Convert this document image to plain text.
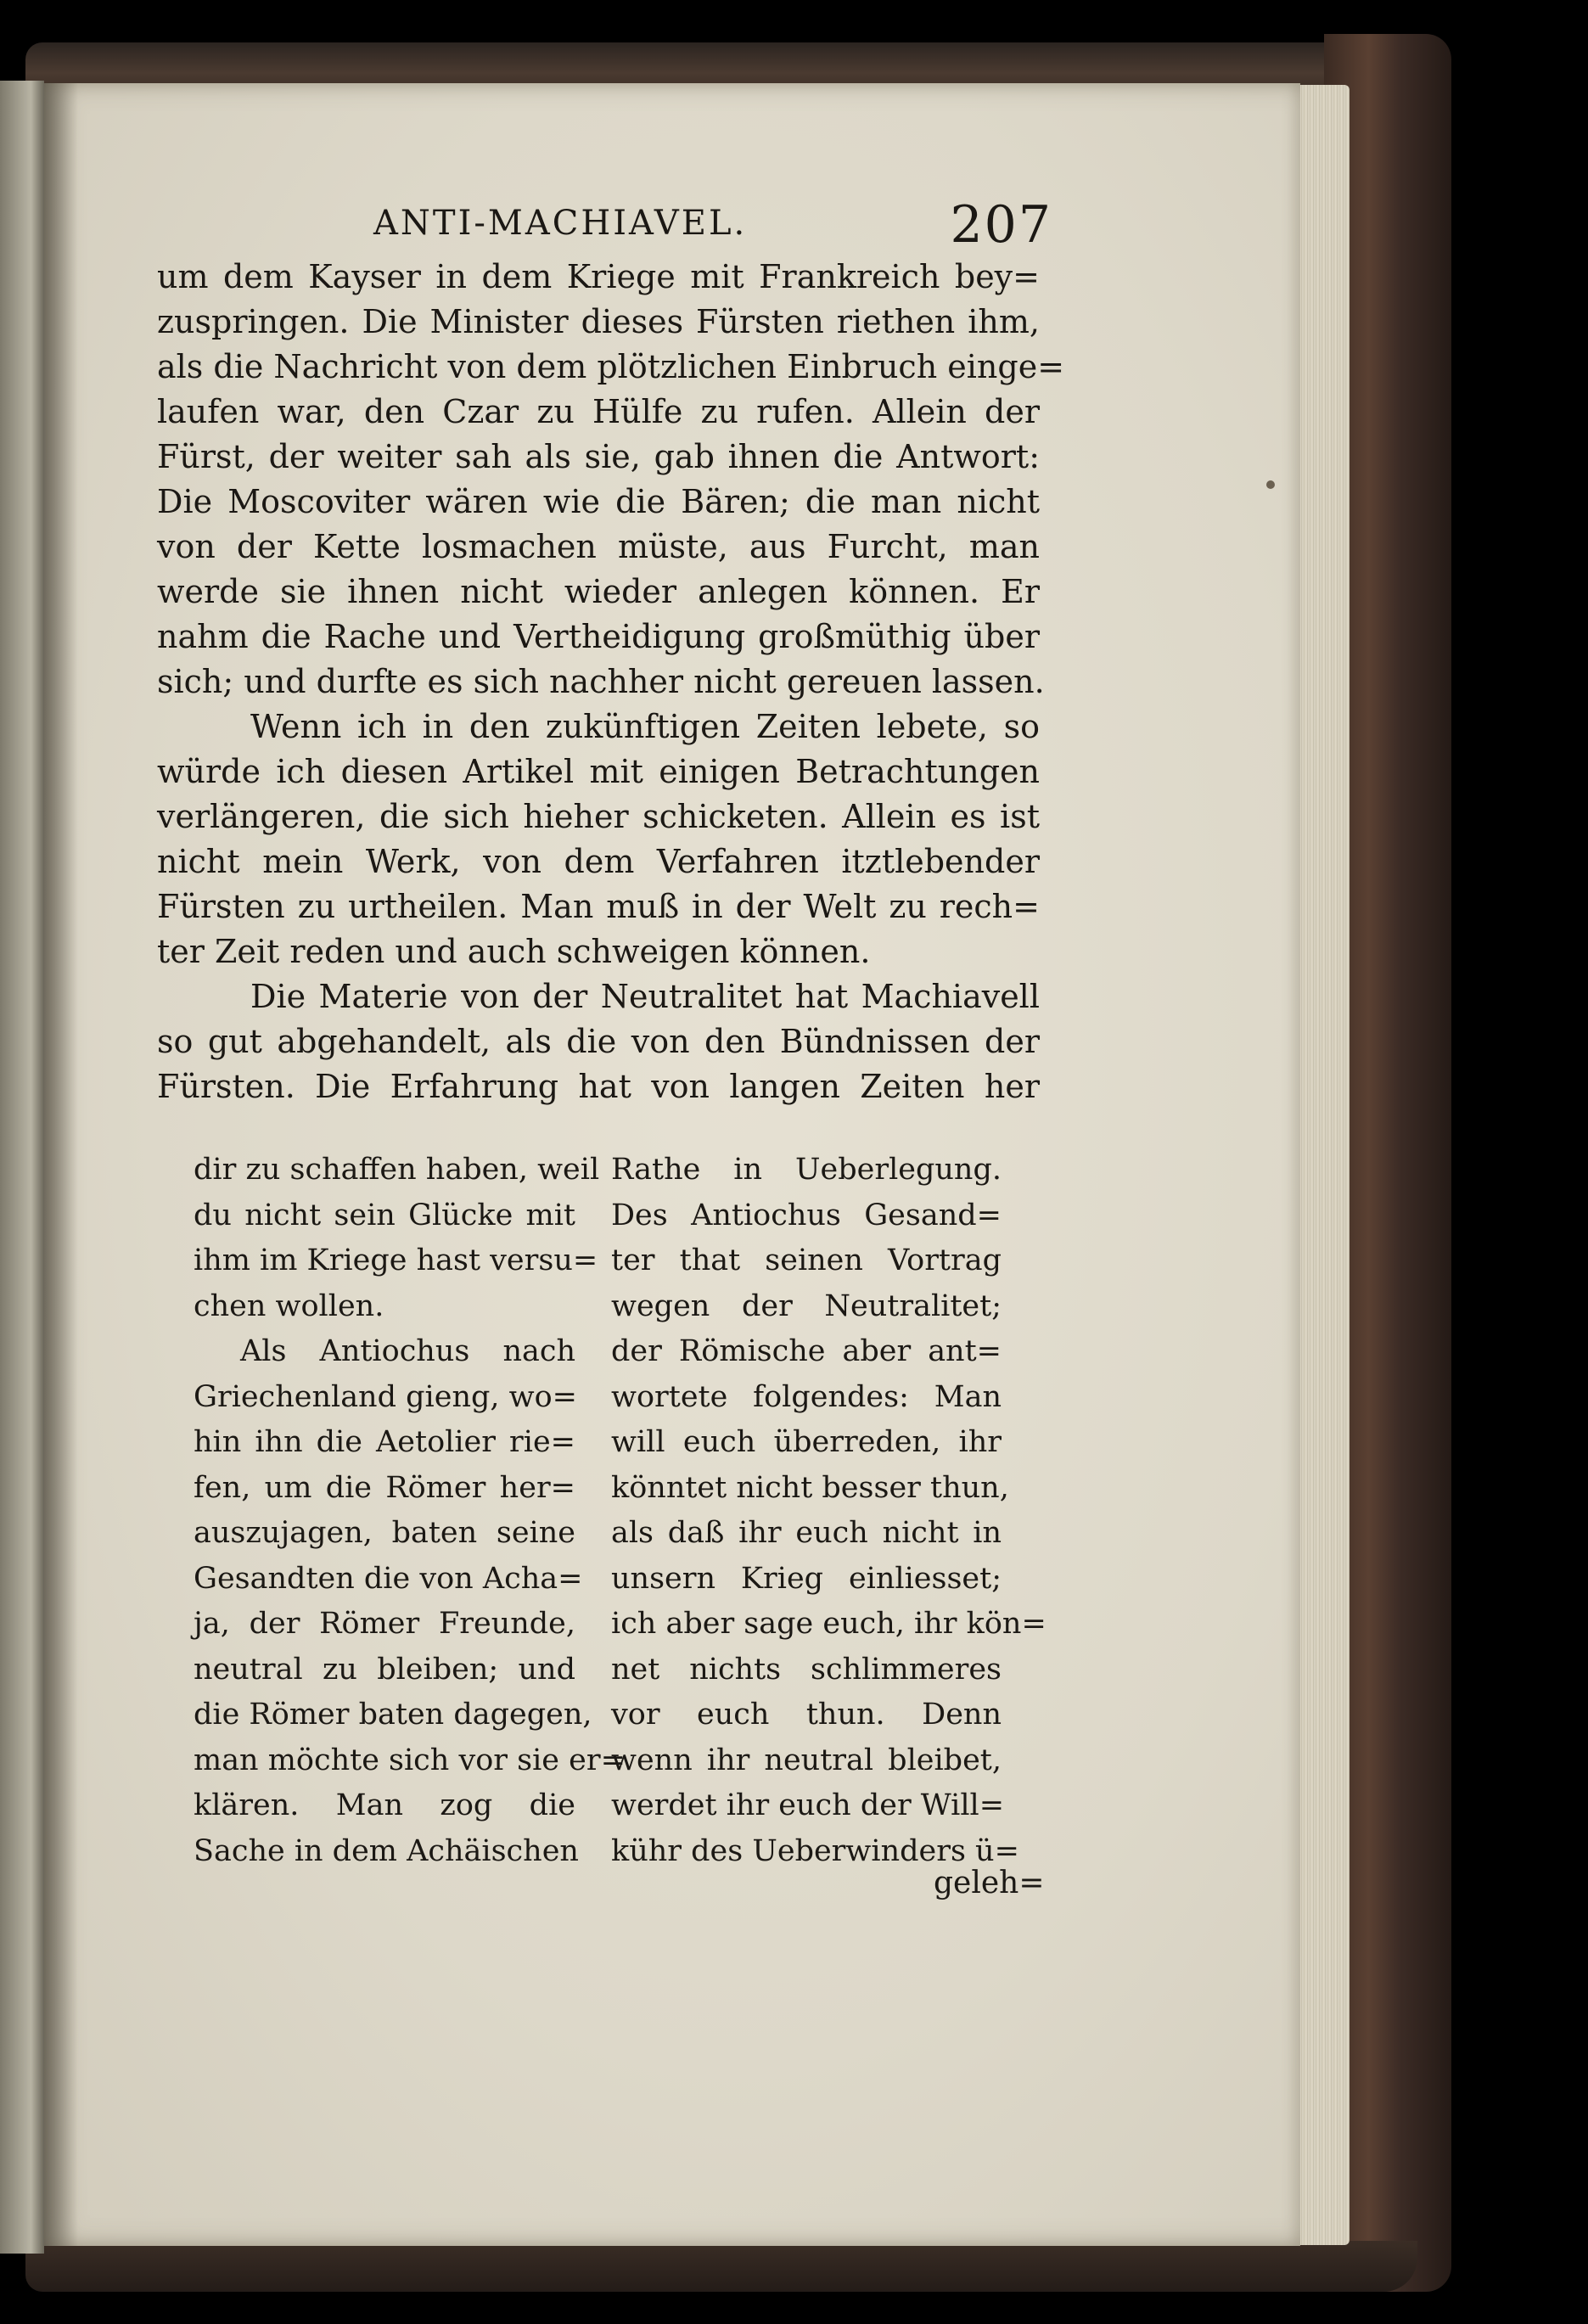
ANTI-MACHIAVEL.	207
um dem Kayser in dem Kriege mit Frankreich bey=
zuspringen. Die Minister dieses Fürsten riethen ihm,
als die Nachricht von dem plötzlichen Einbruch einge=
laufen war, den Czar zu Hülfe zu rufen. Allein der
Fürst, der weiter sah als sie, gab ihnen die Antwort:
Die Moscoviter wären wie die Bären; die man nicht
von der Kette losmachen müste, aus Furcht, man
werde sie ihnen nicht wieder anlegen können. Er
nahm die Rache und Vertheidigung großmüthig über
sich; und durfte es sich nachher nicht gereuen lassen.
Wenn ich in den zukünftigen Zeiten lebete, so
würde ich diesen Artikel mit einigen Betrachtungen
verlängeren, die sich hieher schicketen. Allein es ist
nicht mein Werk, von dem Verfahren itztlebender
Fürsten zu urtheilen. Man muß in der Welt zu rech=
ter Zeit reden und auch schweigen können.
Die Materie von der Neutralitet hat Machiavell
so gut abgehandelt, als die von den Bündnissen der
Fürsten. Die Erfahrung hat von langen Zeiten her
dir zu schaffen haben, weil
du nicht sein Glücke mit
ihm im Kriege hast versu=
chen wollen.
Als Antiochus nach
Griechenland gieng, wo=
hin ihn die Aetolier rie=
fen, um die Römer her=
auszujagen, baten seine
Gesandten die von Acha=
ja, der Römer Freunde,
neutral zu bleiben; und
die Römer baten dagegen,
man möchte sich vor sie er=
klären. Man zog die
Sache in dem Achäischen
Rathe in Ueberlegung.
Des Antiochus Gesand=
ter that seinen Vortrag
wegen der Neutralitet;
der Römische aber ant=
wortete folgendes: Man
will euch überreden, ihr
könntet nicht besser thun,
als daß ihr euch nicht in
unsern Krieg einliesset;
ich aber sage euch, ihr kön=
net nichts schlimmeres
vor euch thun. Denn
wenn ihr neutral bleibet,
werdet ihr euch der Will=
kühr des Ueberwinders ü=
geleh=
